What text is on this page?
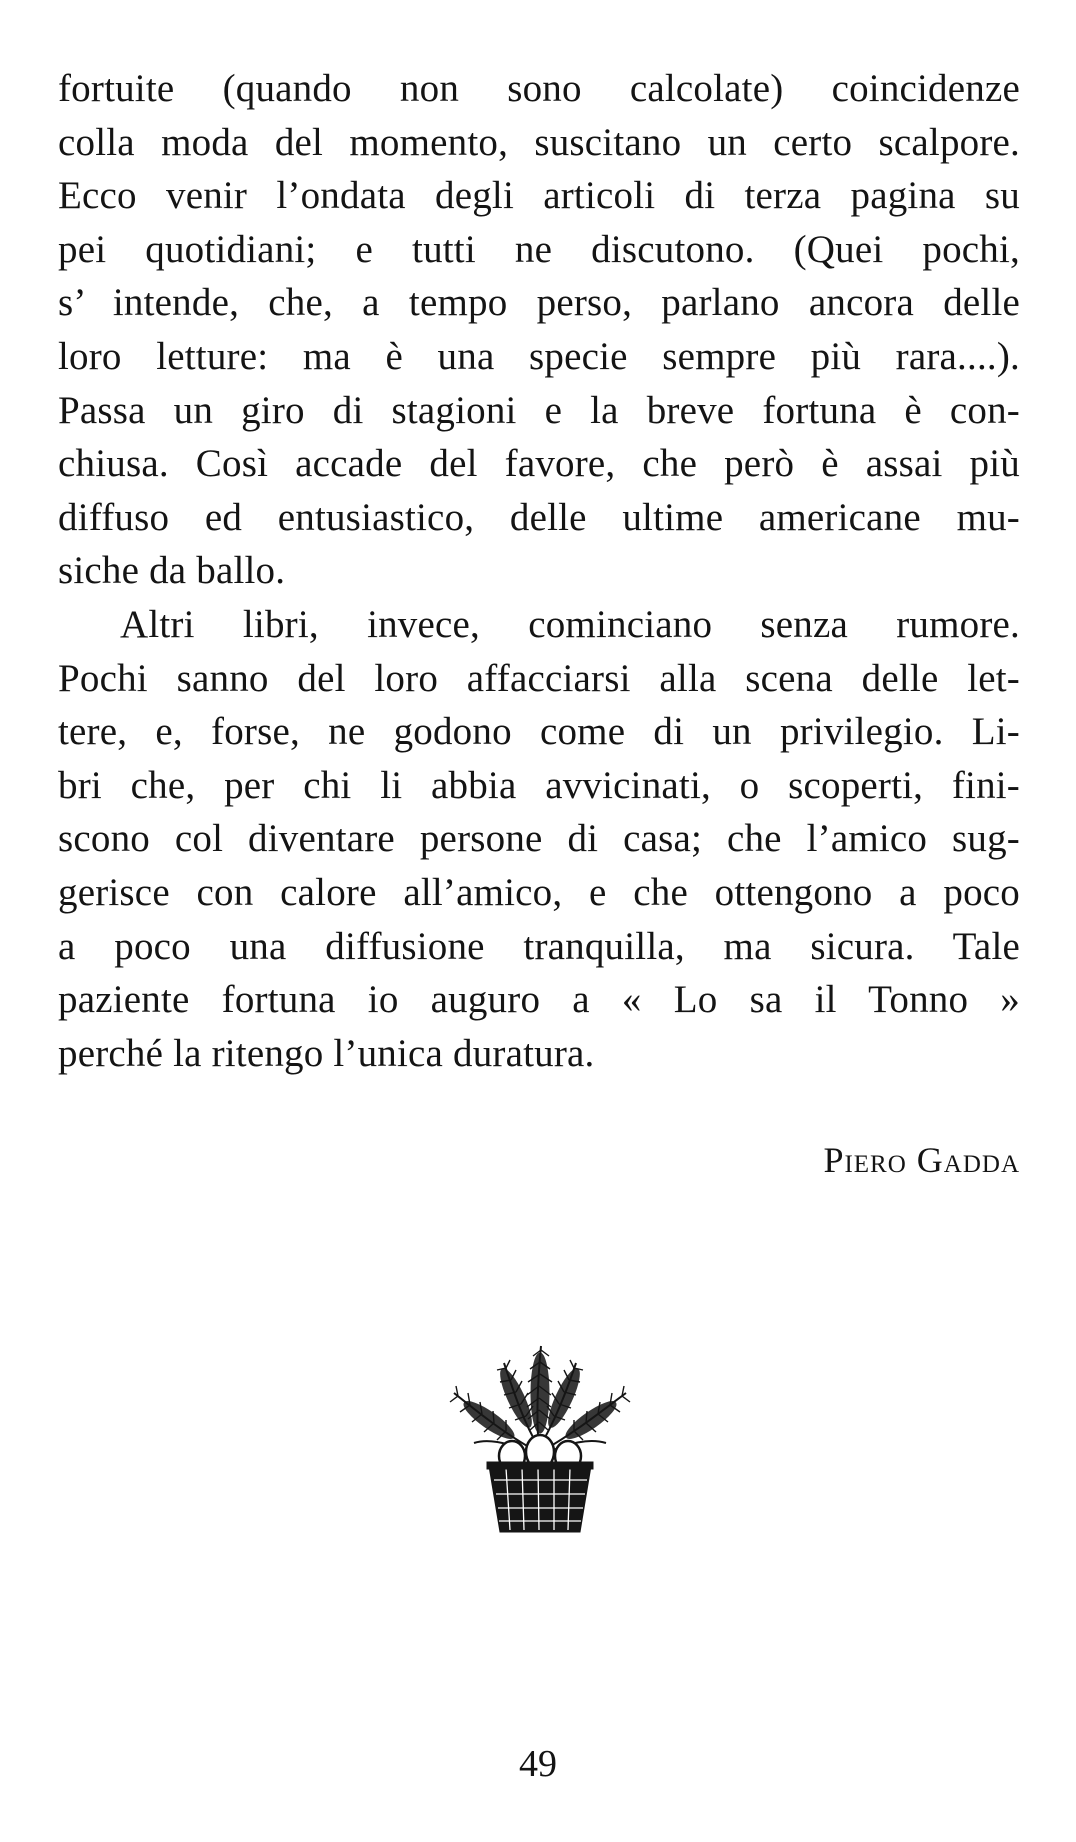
fortuite (quando non sono calcolate) coincidenze
colla moda del momento, suscitano un certo scalpore.
Ecco venir l’ondata degli articoli di terza pagina su
pei quotidiani; e tutti ne discutono. (Quei pochi,
s’ intende, che, a tempo perso, parlano ancora delle
loro letture: ma è una specie sempre più rara....).
Passa un giro di stagioni e la breve fortuna è con-
chiusa. Così accade del favore, che però è assai più
diffuso ed entusiastico, delle ultime americane mu-
siche da ballo.
Altri libri, invece, cominciano senza rumore.
Pochi sanno del loro affacciarsi alla scena delle let-
tere, e, forse, ne godono come di un privilegio. Li-
bri che, per chi li abbia avvicinati, o scoperti, fini-
scono col diventare persone di casa; che l’amico sug-
gerisce con calore all’amico, e che ottengono a poco
a poco una diffusione tranquilla, ma sicura. Tale
paziente fortuna io auguro a « Lo sa il Tonno »
perché la ritengo l’unica duratura.
Piero Gadda
49
